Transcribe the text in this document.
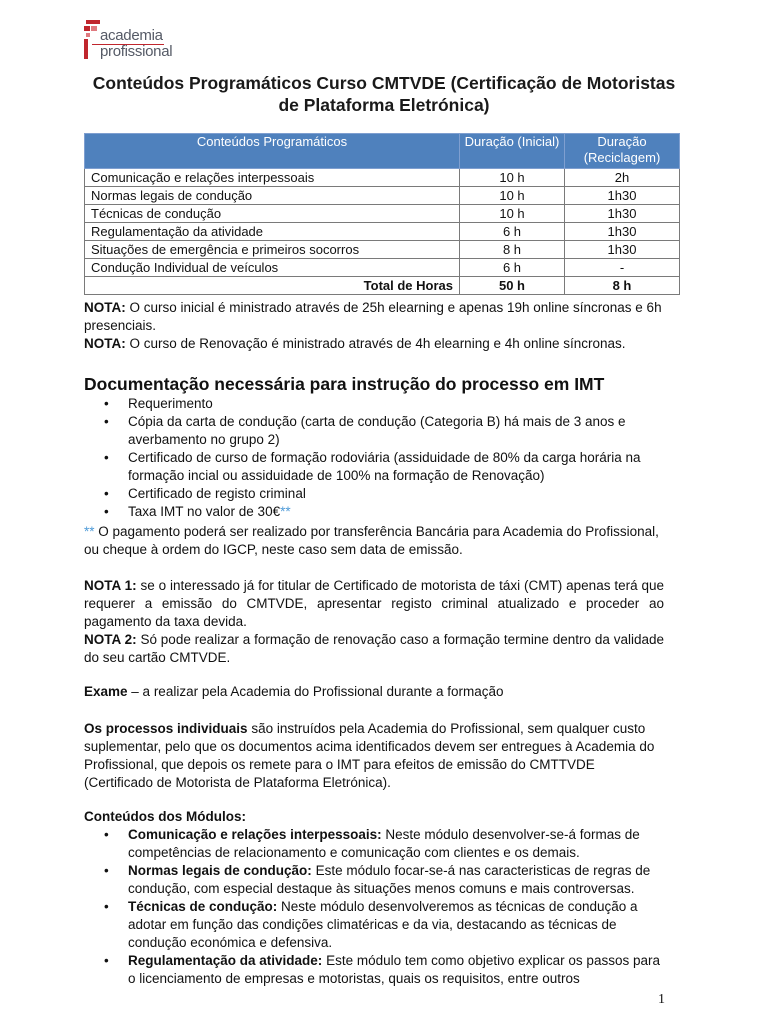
academia
profissional
Conteúdos Programáticos Curso CMTVDE (Certificação de Motoristas de Plataforma Eletrónica)
Conteúdos Programáticos	Duração (Inicial)	Duração (Reciclagem)
Comunicação e relações interpessoais	10 h	2h
Normas legais de condução	10 h	1h30
Técnicas de condução	10 h	1h30
Regulamentação da atividade	6 h	1h30
Situações de emergência e primeiros socorros	8 h	1h30
Condução Individual de veículos	6 h	-
Total de Horas	50 h	8 h
NOTA: O curso inicial é ministrado através de 25h elearning e apenas 19h online síncronas e 6h presenciais.
NOTA: O curso de Renovação é ministrado através de 4h elearning e 4h online síncronas.
Documentação necessária para instrução do processo em IMT
• Requerimento
• Cópia da carta de condução (carta de condução (Categoria B) há mais de 3 anos e averbamento no grupo 2)
• Certificado de curso de formação rodoviária (assiduidade de 80% da carga horária na formação incial ou assiduidade de 100% na formação de Renovação)
• Certificado de registo criminal
• Taxa IMT no valor de 30€**
** O pagamento poderá ser realizado por transferência Bancária para Academia do Profissional, ou cheque à ordem do IGCP, neste caso sem data de emissão.
NOTA 1: se o interessado já for titular de Certificado de motorista de táxi (CMT) apenas terá que requerer a emissão do CMTVDE, apresentar registo criminal atualizado e proceder ao pagamento da taxa devida.
NOTA 2: Só pode realizar a formação de renovação caso a formação termine dentro da validade do seu cartão CMTVDE.
Exame – a realizar pela Academia do Profissional durante a formação
Os processos individuais são instruídos pela Academia do Profissional, sem qualquer custo suplementar, pelo que os documentos acima identificados devem ser entregues à Academia do Profissional, que depois os remete para o IMT para efeitos de emissão do CMTTVDE (Certificado de Motorista de Plataforma Eletrónica).
Conteúdos dos Módulos:
• Comunicação e relações interpessoais: Neste módulo desenvolver-se-á formas de competências de relacionamento e comunicação com clientes e os demais.
• Normas legais de condução: Este módulo focar-se-á nas caracteristicas de regras de condução, com especial destaque às situações menos comuns e mais controversas.
• Técnicas de condução: Neste módulo desenvolveremos as técnicas de condução a adotar em função das condições climatéricas e da via, destacando as técnicas de condução económica e defensiva.
• Regulamentação da atividade: Este módulo tem como objetivo explicar os passos para o licenciamento de empresas e motoristas, quais os requisitos, entre outros
1
